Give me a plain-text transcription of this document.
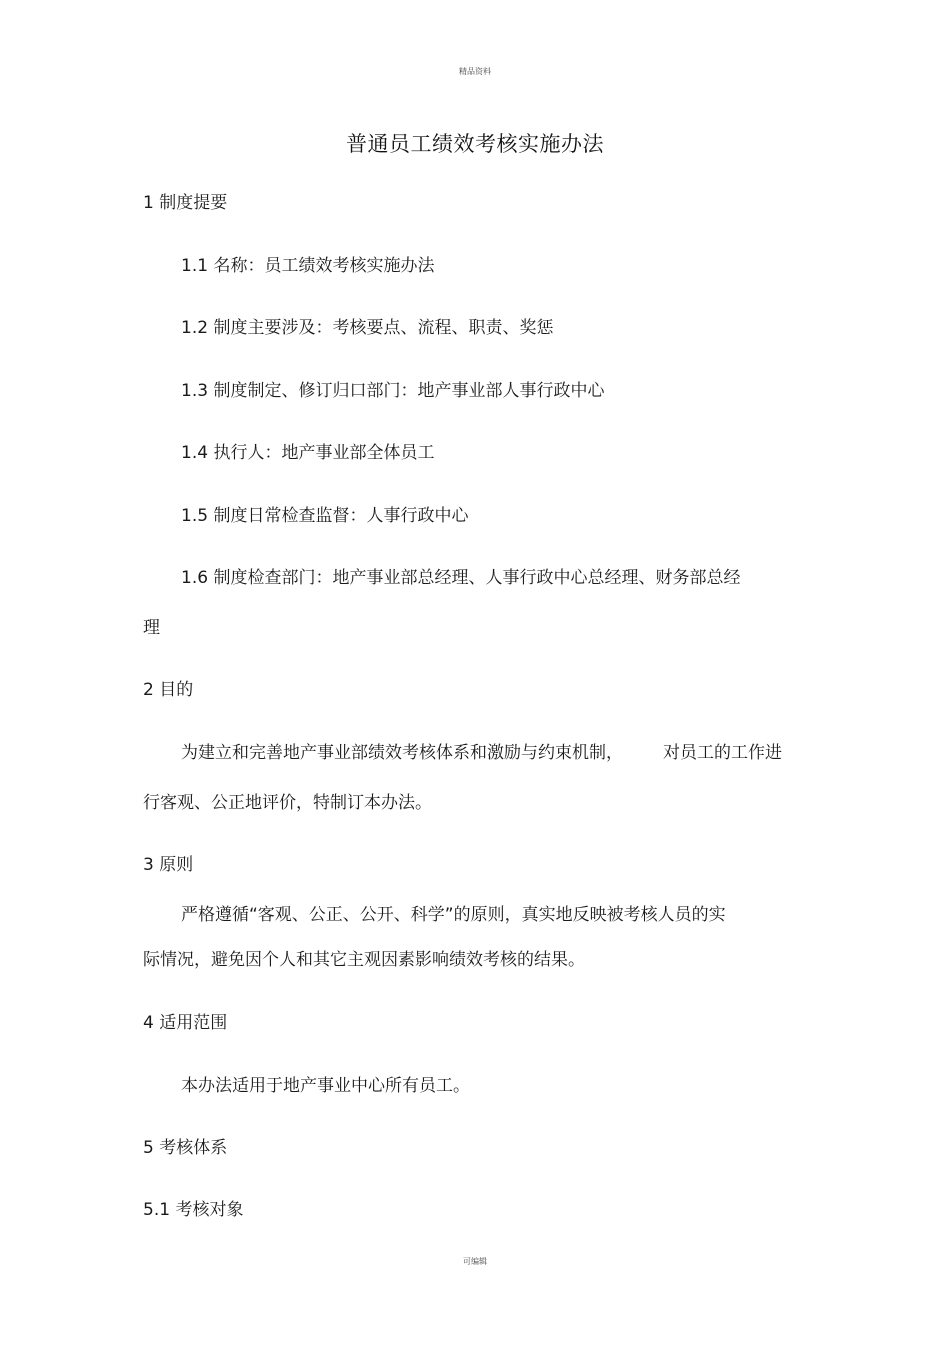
精品资料
普通员工绩效考核实施办法
1 制度提要
1.1 名称：员工绩效考核实施办法
1.2 制度主要涉及：考核要点、流程、职责、奖惩
1.3 制度制定、修订归口部门：地产事业部人事行政中心
1.4 执行人：地产事业部全体员工
1.5 制度日常检查监督：人事行政中心
1.6 制度检查部门：地产事业部总经理、人事行政中心总经理、财务部总经
理
2 目的
为建立和完善地产事业部绩效考核体系和激励与约束机制， 对员工的工作进
行客观、公正地评价，特制订本办法。
3 原则
严格遵循“客观、公正、公开、科学”的原则，真实地反映被考核人员的实
际情况，避免因个人和其它主观因素影响绩效考核的结果。
4 适用范围
本办法适用于地产事业中心所有员工。
5 考核体系
5.1 考核对象
可编辑
